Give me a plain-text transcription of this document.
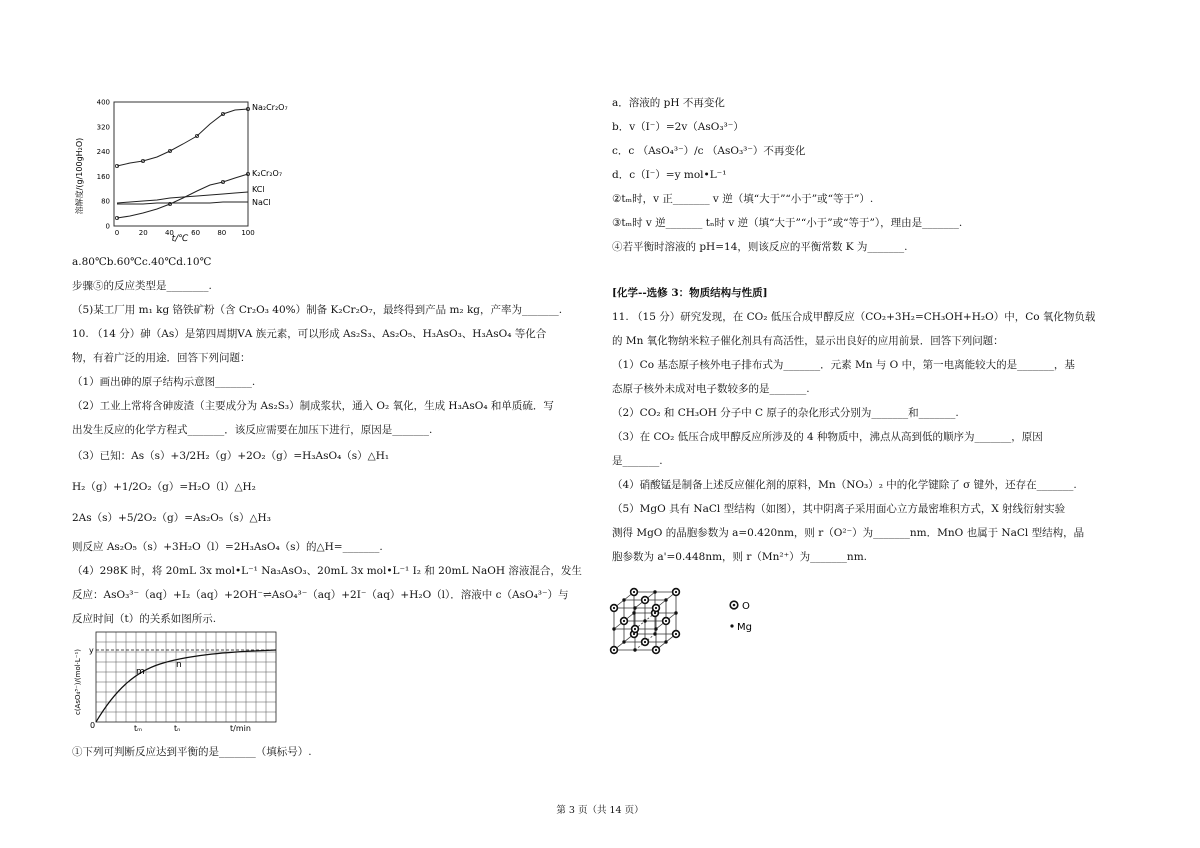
0	20 40 60 80 100
0
80
160
240
320
400
溶解度/(g/100gH₂O)
t/℃
Na₂Cr₂O₇
K₂Cr₂O₇
KCl
NaCl
a.80℃b.60℃c.40℃d.10℃
步骤⑤的反应类型是________.
（5)某工厂用 m₁ kg 铬铁矿粉（含 Cr₂O₃ 40%）制备 K₂Cr₂O₇，最终得到产品 m₂ kg，产率为_______.
10. （14 分）砷（As）是第四周期ⅤA 族元素，可以形成 As₂S₃、As₂O₅、H₃AsO₃、H₃AsO₄ 等化合
物，有着广泛的用途．回答下列问题：
（1）画出砷的原子结构示意图_______.
（2）工业上常将含砷废渣（主要成分为 As₂S₃）制成浆状，通入 O₂ 氧化，生成 H₃AsO₄ 和单质硫．写
出发生反应的化学方程式_______．该反应需要在加压下进行，原因是_______.
（3）已知：As（s）+3/2H₂（g）+2O₂（g）=H₃AsO₄（s）△H₁
H₂（g）+1/2O₂（g）=H₂O（l）△H₂
2As（s）+5/2O₂（g）=As₂O₅（s）△H₃
则反应 As₂O₅（s）+3H₂O（l）=2H₃AsO₄（s）的△H=_______.
（4）298K 时，将 20mL 3x mol•L⁻¹ Na₃AsO₃、20mL 3x mol•L⁻¹ I₂ 和 20mL NaOH 溶液混合，发生
反应：AsO₃³⁻（aq）+I₂（aq）+2OH⁻⇌AsO₄³⁻（aq）+2I⁻（aq）+H₂O（l）．溶液中 c（AsO₄³⁻）与
反应时间（t）的关系如图所示.
c(AsO₄³⁻)/(mol·L⁻¹) y
0
m
n
tₘ	tₙ	t/min
①下列可判断反应达到平衡的是_______（填标号）.
a．溶液的 pH 不再变化
b．v（I⁻）=2v（AsO₃³⁻）
c．c （AsO₄³⁻）/c （AsO₃³⁻）不再变化
d．c（I⁻）=y mol•L⁻¹
②tₘ时，v 正_______ v 逆（填“大于”“小于”或“等于”）.
③tₘ时 v 逆_______ tₙ时 v 逆（填“大于”“小于”或“等于”），理由是_______.
④若平衡时溶液的 pH=14，则该反应的平衡常数 K 为_______.
[化学--选修 3：物质结构与性质]
11. （15 分）研究发现，在 CO₂ 低压合成甲醇反应（CO₂+3H₂=CH₃OH+H₂O）中，Co 氧化物负载
的 Mn 氧化物纳米粒子催化剂具有高活性，显示出良好的应用前景．回答下列问题：
（1）Co 基态原子核外电子排布式为_______．元素 Mn 与 O 中，第一电离能较大的是_______，基
态原子核外未成对电子数较多的是_______.
（2）CO₂ 和 CH₃OH 分子中 C 原子的杂化形式分别为_______和_______.
（3）在 CO₂ 低压合成甲醇反应所涉及的 4 种物质中，沸点从高到低的顺序为_______，原因
是_______.
（4）硝酸锰是制备上述反应催化剂的原料，Mn（NO₃）₂ 中的化学键除了 σ 键外，还存在_______.
（5）MgO 具有 NaCl 型结构（如图），其中阴离子采用面心立方最密堆积方式，X 射线衍射实验
测得 MgO 的晶胞参数为 a=0.420nm，则 r（O²⁻）为_______nm．MnO 也属于 NaCl 型结构，晶
胞参数为 a'=0.448nm，则 r（Mn²⁺）为_______nm.
O
Mg
第 3 页（共 14 页）
